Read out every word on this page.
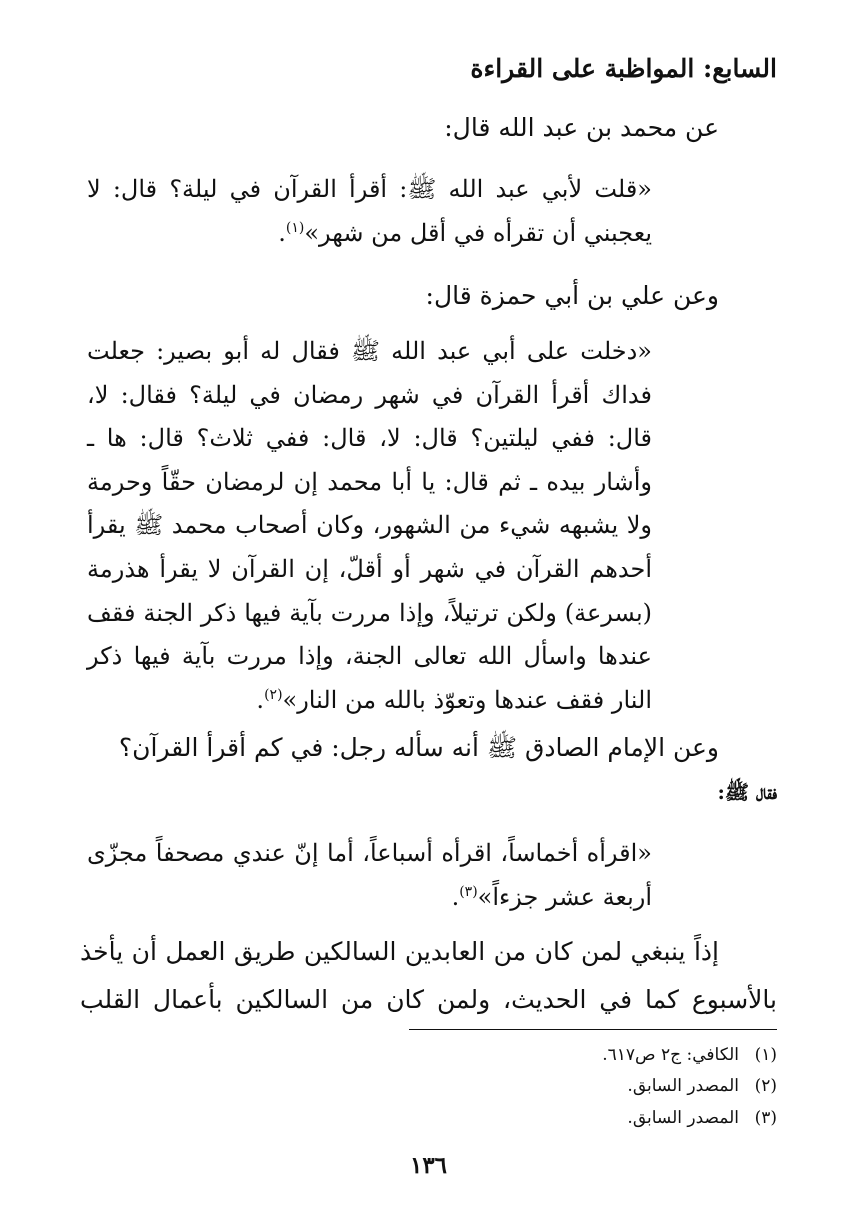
السابع: المواظبة على القراءة
عن محمد بن عبد الله قال:
«قلت لأبي عبد الله ﷺ: أقرأ القرآن في ليلة؟ قال: لا
يعجبني أن تقرأه في أقل من شهر»$^{(١)}$.
وعن علي بن أبي حمزة قال:
«دخلت على أبي عبد الله ﷺ فقال له أبو بصير: جعلت
فداك أقرأ القرآن في شهر رمضان في ليلة؟ فقال: لا،
قال: ففي ليلتين؟ قال: لا، قال: ففي ثلاث؟ قال: ها ـ
وأشار بيده ـ ثم قال: يا أبا محمد إن لرمضان حقّاً وحرمة
ولا يشبهه شيء من الشهور، وكان أصحاب محمد ﷺ يقرأ
أحدهم القرآن في شهر أو أقلّ، إن القرآن لا يقرأ هذرمة
(بسرعة) ولكن ترتيلاً، وإذا مررت بآية فيها ذكر الجنة فقف
عندها واسأل الله تعالى الجنة، وإذا مررت بآية فيها ذكر
النار فقف عندها وتعوّذ بالله من النار»$^{(٢)}$.
وعن الإمام الصادق ﷺ أنه سأله رجل: في كم أقرأ القرآن؟
فقال ﷺ:
«اقرأه أخماساً، اقرأه أسباعاً، أما إنّ عندي مصحفاً مجزّى
أربعة عشر جزءاً»$^{(٣)}$.
إذاً ينبغي لمن كان من العابدين السالكين طريق العمل أن يأخذ
بالأسبوع كما في الحديث، ولمن كان من السالكين بأعمال القلب
(١)الكافي: ج٢ ص٦١٧.
(٢)المصدر السابق.
(٣)المصدر السابق.
١٣٦
